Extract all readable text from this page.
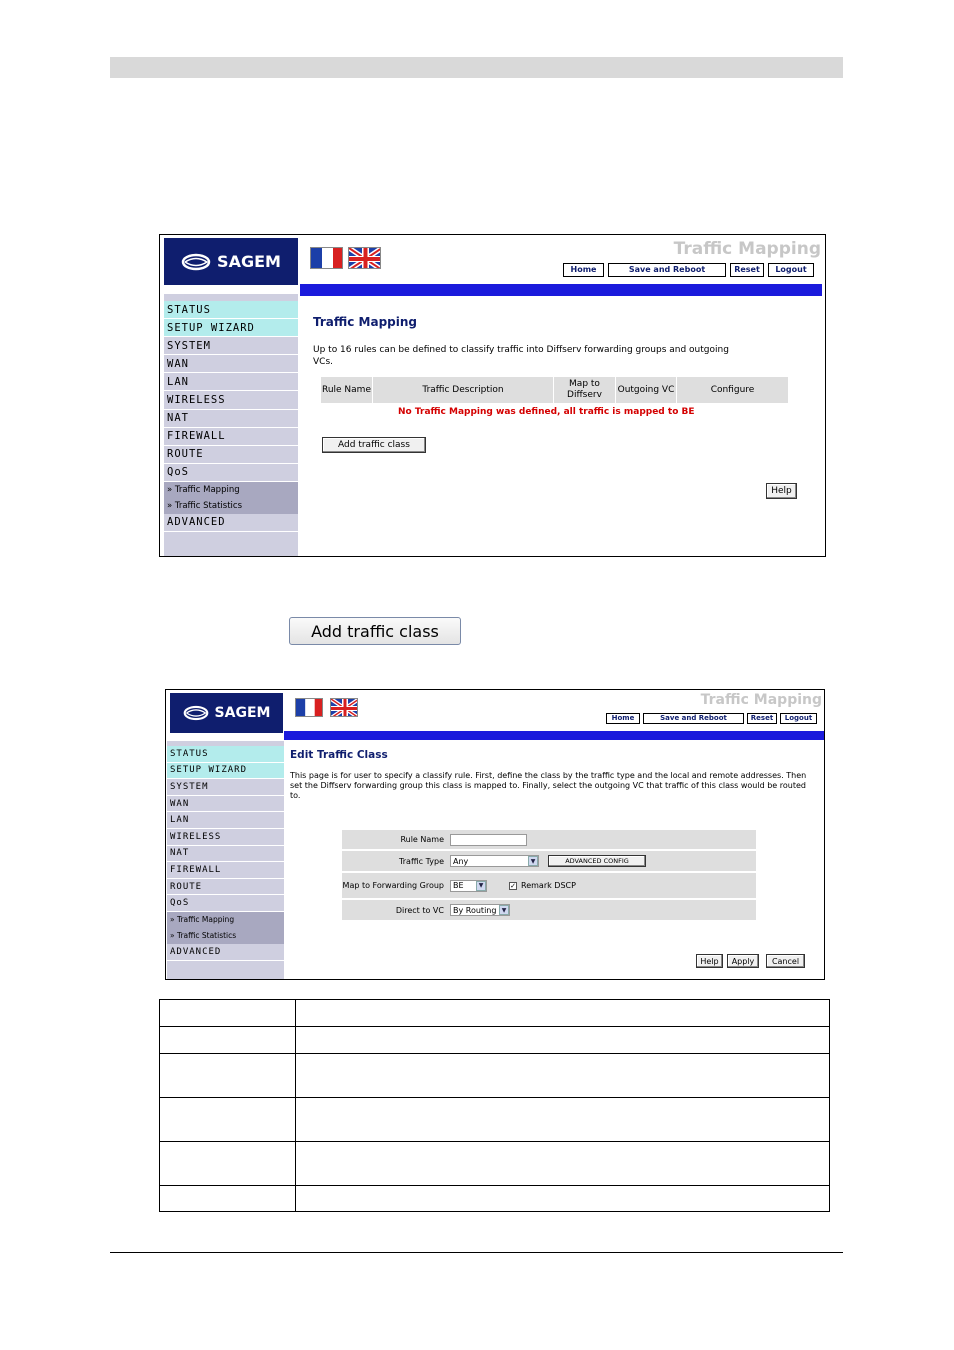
SAGEM
Traffic Mapping
Home	Save and Reboot	Reset	Logout
STATUS
SETUP WIZARD
SYSTEM
WAN
LAN
WIRELESS
NAT
FIREWALL
ROUTE
QoS
» Traffic Mapping
» Traffic Statistics
ADVANCED
Traffic Mapping
Up to 16 rules can be defined to classify traffic into Diffserv forwarding groups and outgoing VCs.
Rule Name	Traffic Description	Map to Diffserv	Outgoing VC	Configure
No Traffic Mapping was defined, all traffic is mapped to BE
Add traffic class
Help
Add traffic class
SAGEM
Traffic Mapping
Home	Save and Reboot	Reset	Logout
STATUS
SETUP WIZARD
SYSTEM
WAN
LAN
WIRELESS
NAT
FIREWALL
ROUTE
QoS
» Traffic Mapping
» Traffic Statistics
ADVANCED
Edit Traffic Class
This page is for user to specify a classify rule. First, define the class by the traffic type and the local and remote addresses. Then set the Diffserv forwarding group this class is mapped to. Finally, select the outgoing VC that traffic of this class would be routed to.
Rule Name
Traffic Type	Any	▼	ADVANCED CONFIG
Map to Forwarding Group	BE	▼	✓ Remark DSCP
Direct to VC	By Routing ▼
Help	Apply	Cancel
